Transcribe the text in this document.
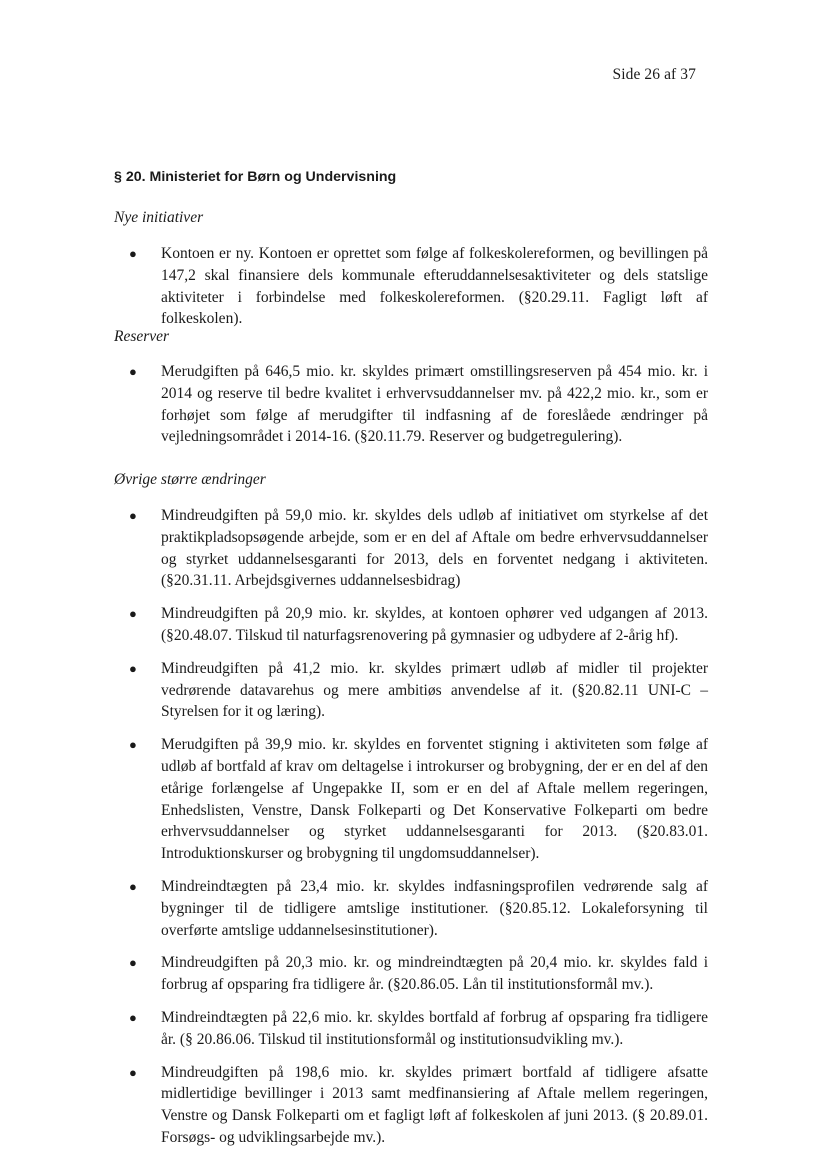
Side 26 af 37
§ 20. Ministeriet for Børn og Undervisning
Nye initiativer
● Kontoen er ny. Kontoen er oprettet som følge af folkeskolereformen, og bevillingen på 147,2 skal finansiere dels kommunale efteruddannelsesaktiviteter og dels statslige aktiviteter i forbindelse med folkeskolereformen. (§20.29.11. Fagligt løft af folkeskolen).
Reserver
● Merudgiften på 646,5 mio. kr. skyldes primært omstillingsreserven på 454 mio. kr. i 2014 og reserve til bedre kvalitet i erhvervsuddannelser mv. på 422,2 mio. kr., som er forhøjet som følge af merudgifter til indfasning af de foreslåede ændringer på vejledningsområdet i 2014-16. (§20.11.79. Reserver og budgetregulering).
Øvrige større ændringer
● Mindreudgiften på 59,0 mio. kr. skyldes dels udløb af initiativet om styrkelse af det praktikpladsopsøgende arbejde, som er en del af Aftale om bedre erhvervsuddannelser og styrket uddannelsesgaranti for 2013, dels en forventet nedgang i aktiviteten. (§20.31.11. Arbejdsgivernes uddannelsesbidrag)
● Mindreudgiften på 20,9 mio. kr. skyldes, at kontoen ophører ved udgangen af 2013. (§20.48.07. Tilskud til naturfagsrenovering på gymnasier og udbydere af 2-årig hf).
● Mindreudgiften på 41,2 mio. kr. skyldes primært udløb af midler til projekter vedrørende datavarehus og mere ambitiøs anvendelse af it. (§20.82.11 UNI-C – Styrelsen for it og læring).
● Merudgiften på 39,9 mio. kr. skyldes en forventet stigning i aktiviteten som følge af udløb af bortfald af krav om deltagelse i introkurser og brobygning, der er en del af den etårige forlængelse af Ungepakke II, som er en del af Aftale mellem regeringen, Enhedslisten, Venstre, Dansk Folkeparti og Det Konservative Folkeparti om bedre erhvervsuddannelser og styrket uddannelsesgaranti for 2013. (§20.83.01. Introduktionskurser og brobygning til ungdomsuddannelser).
● Mindreindtægten på 23,4 mio. kr. skyldes indfasningsprofilen vedrørende salg af bygninger til de tidligere amtslige institutioner. (§20.85.12. Lokaleforsyning til overførte amtslige uddannelsesinstitutioner).
● Mindreudgiften på 20,3 mio. kr. og mindreindtægten på 20,4 mio. kr. skyldes fald i forbrug af opsparing fra tidligere år. (§20.86.05. Lån til institutionsformål mv.).
● Mindreindtægten på 22,6 mio. kr. skyldes bortfald af forbrug af opsparing fra tidligere år. (§ 20.86.06. Tilskud til institutionsformål og institutionsudvikling mv.).
● Mindreudgiften på 198,6 mio. kr. skyldes primært bortfald af tidligere afsatte midlertidige bevillinger i 2013 samt medfinansiering af Aftale mellem regeringen, Venstre og Dansk Folkeparti om et fagligt løft af folkeskolen af juni 2013. (§ 20.89.01. Forsøgs- og udviklingsarbejde mv.).
